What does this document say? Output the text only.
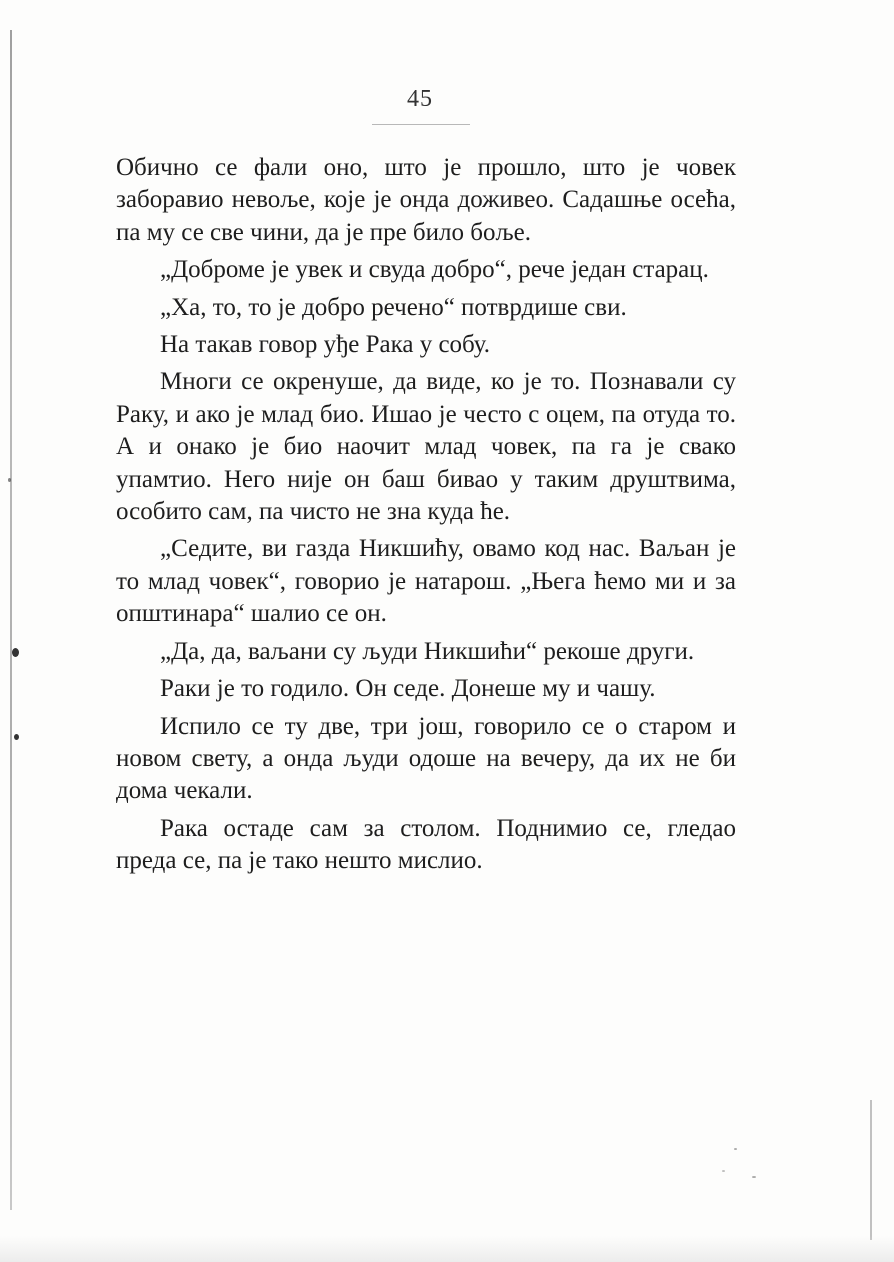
45

Обично се фали оно, што је прошло, што је човек заборавио невоље, које је онда доживео. Садашње осећа, па му се све чини, да је пре било боље.

„Доброме је увек и свуда добро“, рече један старац.

„Ха, то, то је добро речено“ потврдише сви.

На такав говор уђе Рака у собу.

Многи се окренуше, да виде, ко је то. Познавали су Раку, и ако је млад био. Ишао је често с оцем, па отуда то. А и онако је био наочит млад човек, па га је свако упамтио. Него није он баш бивао у таким друштвима, особито сам, па чисто не зна куда ће.

„Седите, ви газда Никшићу, овамо код нас. Ваљан је то млад човек“, говорио је натарош. „Њега ћемо ми и за општинара“ шалио се он.

„Да, да, ваљани су људи Никшићи“ рекоше други.

Раки је то годило. Он седе. Донеше му и чашу.

Испило се ту две, три још, говорило се о старом и новом свету, а онда људи одоше на вечеру, да их не би дома чекали.

Рака остаде сам за столом. Поднимио се, гледао преда се, па је тако нешто мислио.
